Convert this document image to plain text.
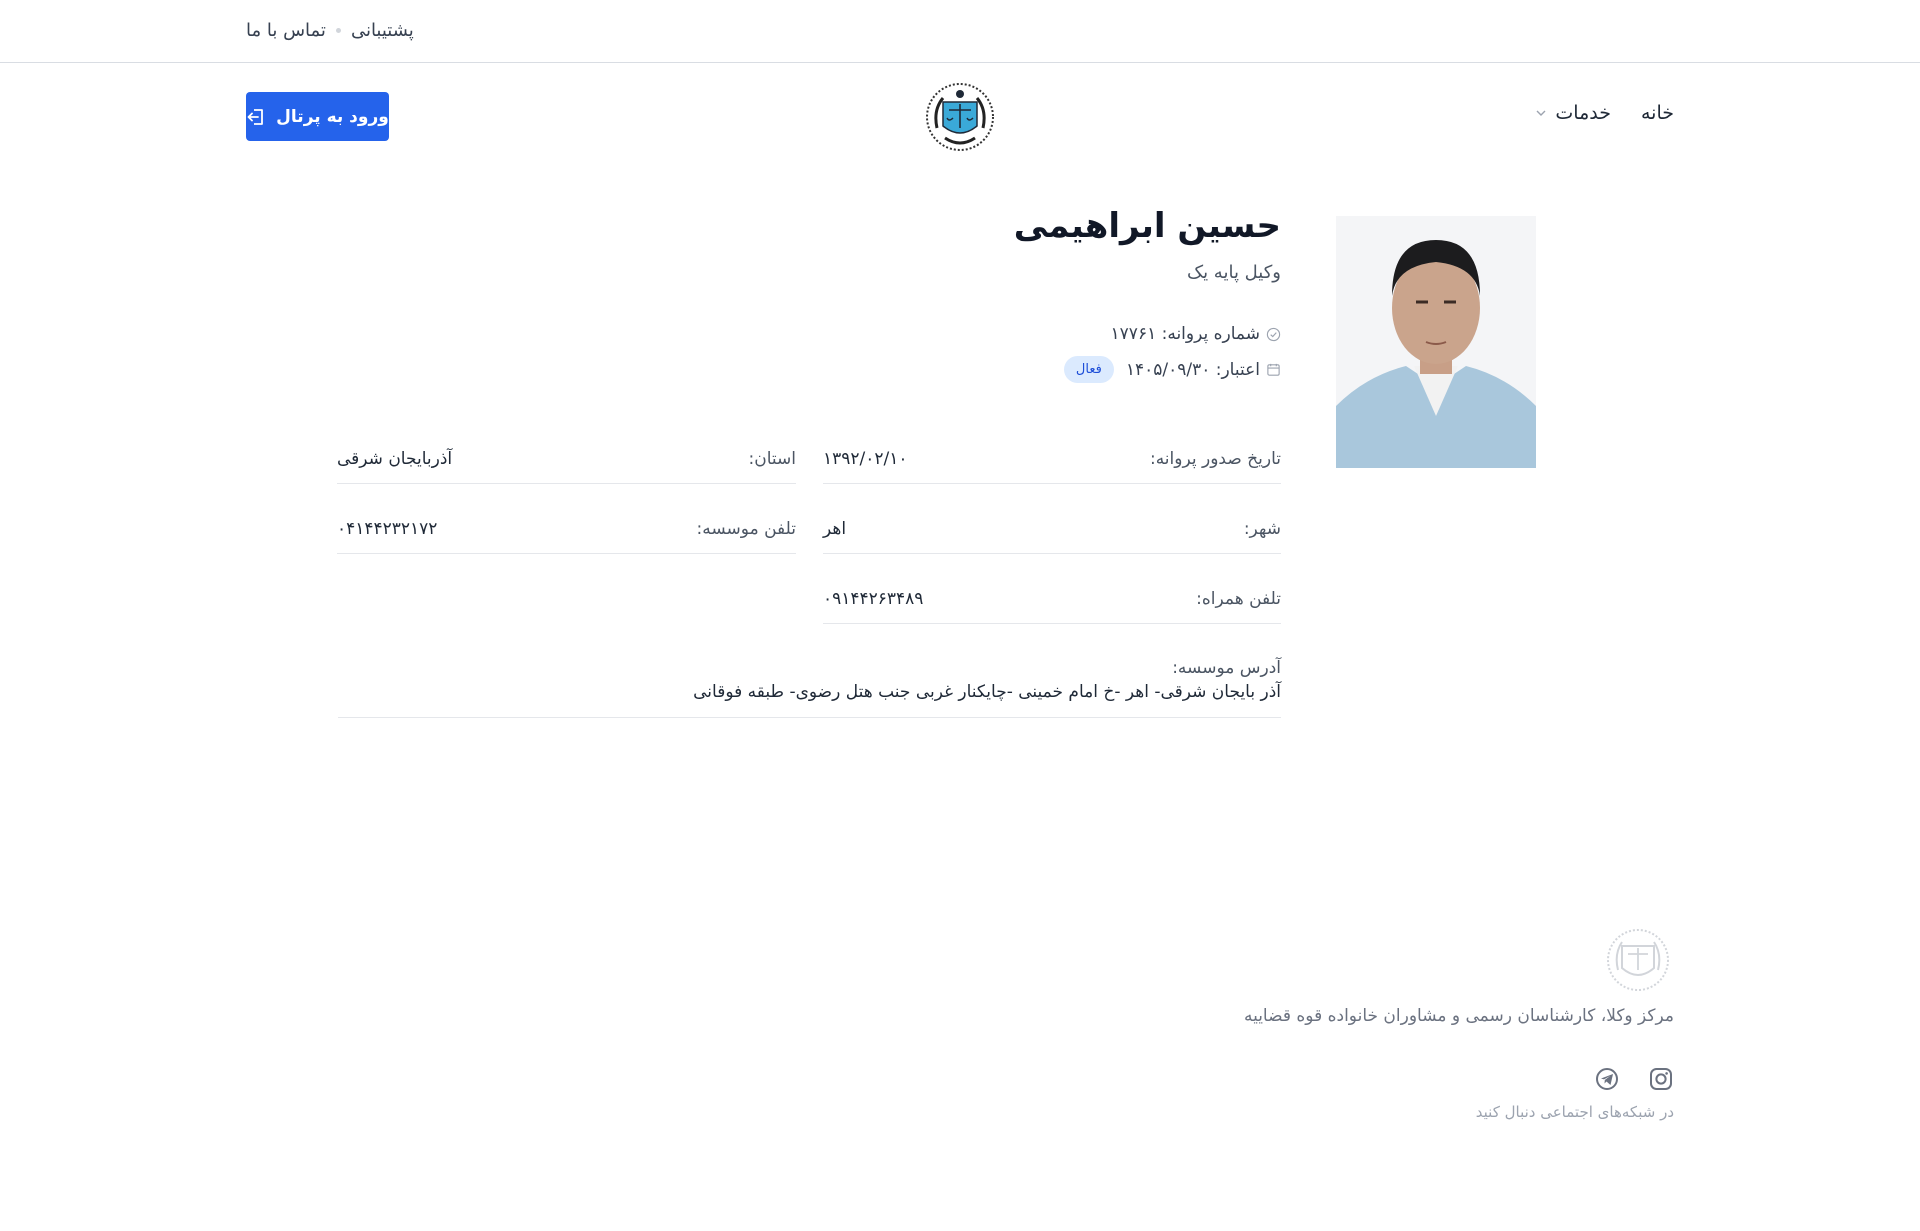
پشتیبانی
تماس با ما
خانه
خدمات
ورود به پرتال
حسین ابراهیمی
وکیل پایه یک
شماره پروانه: ۱۷۷۶۱
اعتبار: ۱۴۰۵/۰۹/۳۰
فعال
تاریخ صدور پروانه:
۱۳۹۲/۰۲/۱۰
استان:
آذربایجان شرقی
شهر:
اهر
تلفن موسسه:
۰۴۱۴۴۲۳۲۱۷۲
تلفن همراه:
۰۹۱۴۴۲۶۳۴۸۹
آدرس موسسه:
آذر بایجان شرقی- اهر -خ امام خمینی -چایکنار غربی جنب هتل رضوی- طبقه فوقانی
مرکز وکلا، کارشناسان رسمی و مشاوران خانواده قوه قضاییه
در شبکه‌های اجتماعی دنبال کنید
